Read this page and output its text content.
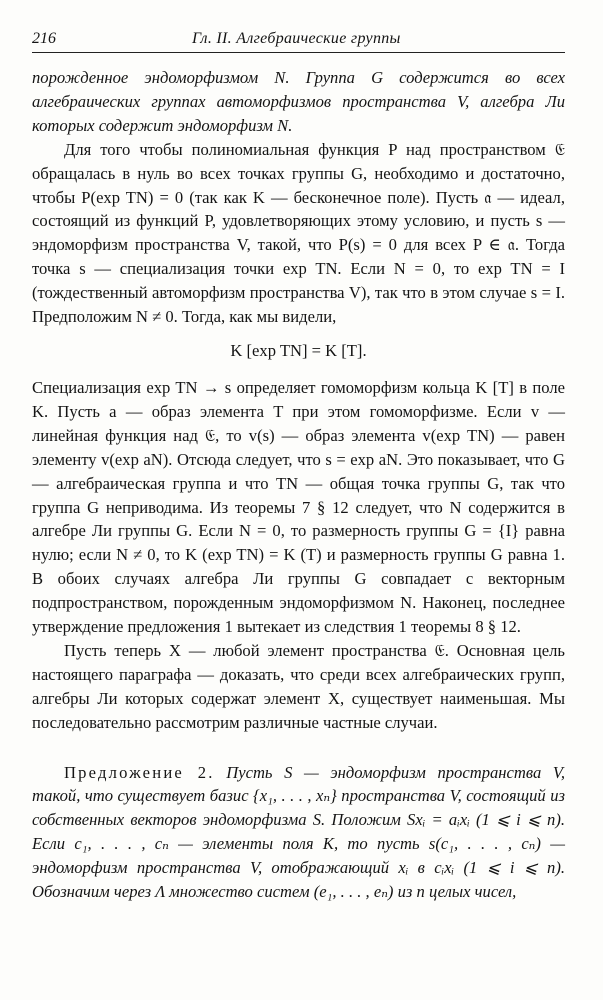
216	Гл. II. Алгебраические группы

порожденное эндоморфизмом N. Группа G содержится во всех алгебраических группах автоморфизмов пространства V, алгебра Ли которых содержит эндоморфизм N.

Для того чтобы полиномиальная функция P над пространством 𝔈 обращалась в нуль во всех точках группы G, необходимо и достаточно, чтобы P(exp TN) = 0 (так как K — бесконечное поле). Пусть 𝔞 — идеал, состоящий из функций P, удовлетворяющих этому условию, и пусть s — эндоморфизм пространства V, такой, что P(s) = 0 для всех P ∈ 𝔞. Тогда точка s — специализация точки exp TN. Если N = 0, то exp TN = I (тождественный автоморфизм пространства V), так что в этом случае s = I. Предположим N ≠ 0. Тогда, как мы видели,

K [exp TN] = K [T].

Специализация exp TN → s определяет гомоморфизм кольца K [T] в поле K. Пусть a — образ элемента T при этом гомоморфизме. Если v — линейная функция над 𝔈, то v(s) — образ элемента v(exp TN) — равен элементу v(exp aN). Отсюда следует, что s = exp aN. Это показывает, что G — алгебраическая группа и что TN — общая точка группы G, так что группа G неприводима. Из теоремы 7 § 12 следует, что N содержится в алгебре Ли группы G. Если N = 0, то размерность группы G = {I} равна нулю; если N ≠ 0, то K (exp TN) = K (T) и размерность группы G равна 1. В обоих случаях алгебра Ли группы G совпадает с векторным подпространством, порожденным эндоморфизмом N. Наконец, последнее утверждение предложения 1 вытекает из следствия 1 теоремы 8 § 12.

Пусть теперь X — любой элемент пространства 𝔈. Основная цель настоящего параграфа — доказать, что среди всех алгебраических групп, алгебры Ли которых содержат элемент X, существует наименьшая. Мы последовательно рассмотрим различные частные случаи.

Предложение 2. Пусть S — эндоморфизм пространства V, такой, что существует базис {x₁, . . . , xₙ} пространства V, состоящий из собственных векторов эндоморфизма S. Положим Sxᵢ = aᵢxᵢ (1 ⩽ i ⩽ n). Если c₁, . . . , cₙ — элементы поля K, то пусть s(c₁, . . . , cₙ) — эндоморфизм пространства V, отображающий xᵢ в cᵢxᵢ (1 ⩽ i ⩽ n). Обозначим через Λ множество систем (e₁, . . . , eₙ) из n целых чисел,
